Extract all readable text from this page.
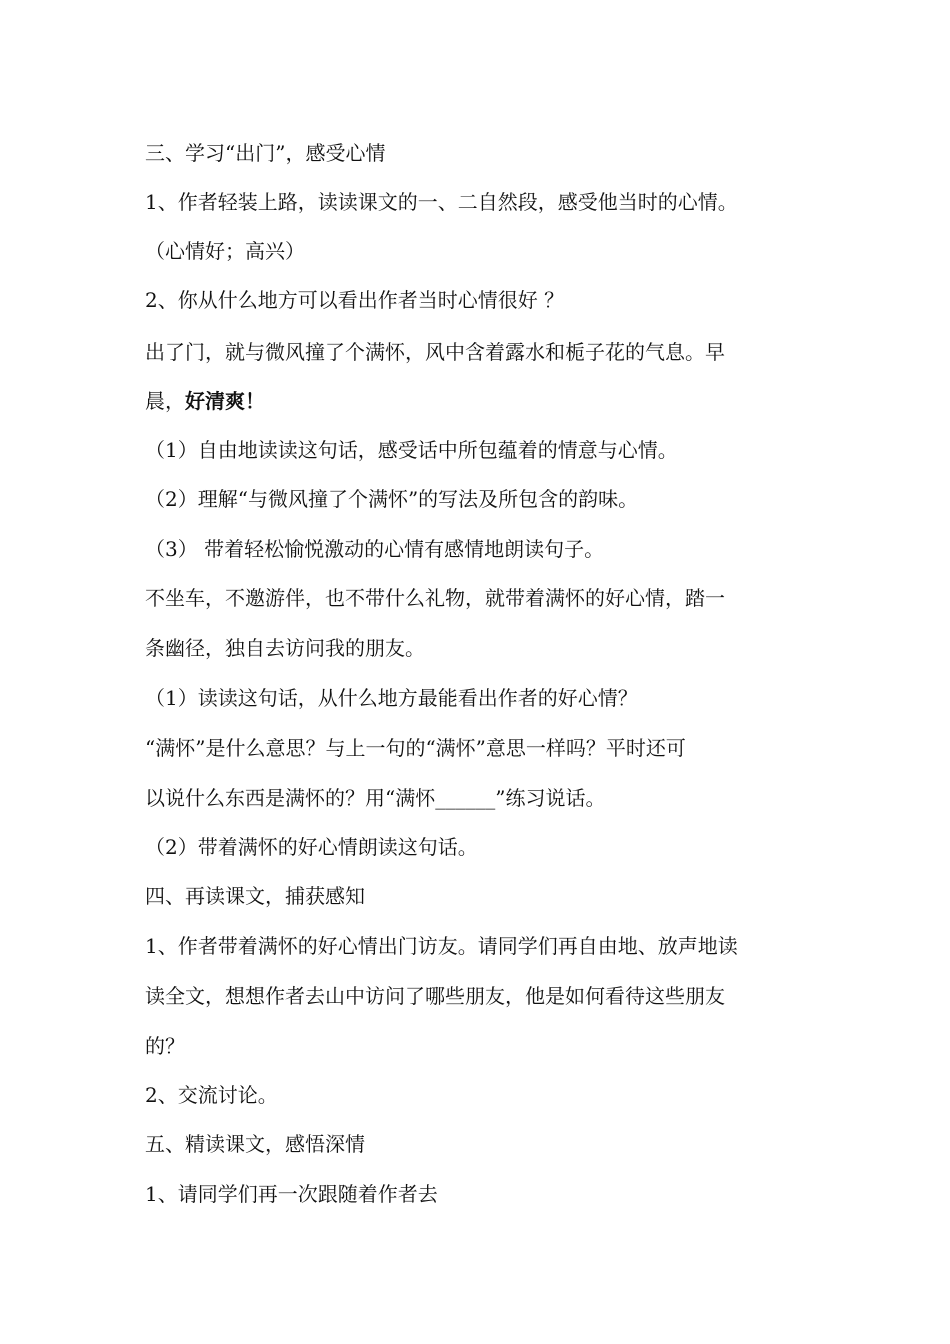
三、学习“出门”，感受心情
1、作者轻装上路，读读课文的一、二自然段，感受他当时的心情。
（心情好；高兴）
2、你从什么地方可以看出作者当时心情很好 ？
出了门，就与微风撞了个满怀，风中含着露水和栀子花的气息。早
晨，好清爽！
（1）自由地读读这句话，感受话中所包蕴着的情意与心情。
（2）理解“与微风撞了个满怀”的写法及所包含的韵味。
（3） 带着轻松愉悦激动的心情有感情地朗读句子。
不坐车，不邀游伴，也不带什么礼物，就带着满怀的好心情，踏一
条幽径，独自去访问我的朋友。
（1）读读这句话，从什么地方最能看出作者的好心情？
“满怀”是什么意思？与上一句的“满怀”意思一样吗？平时还可
以说什么东西是满怀的？用“满怀______”练习说话。
（2）带着满怀的好心情朗读这句话。
四、再读课文，捕获感知
1、作者带着满怀的好心情出门访友。请同学们再自由地、放声地读
读全文，想想作者去山中访问了哪些朋友，他是如何看待这些朋友
的？
2、交流讨论。
五、精读课文，感悟深情
1、请同学们再一次跟随着作者去
